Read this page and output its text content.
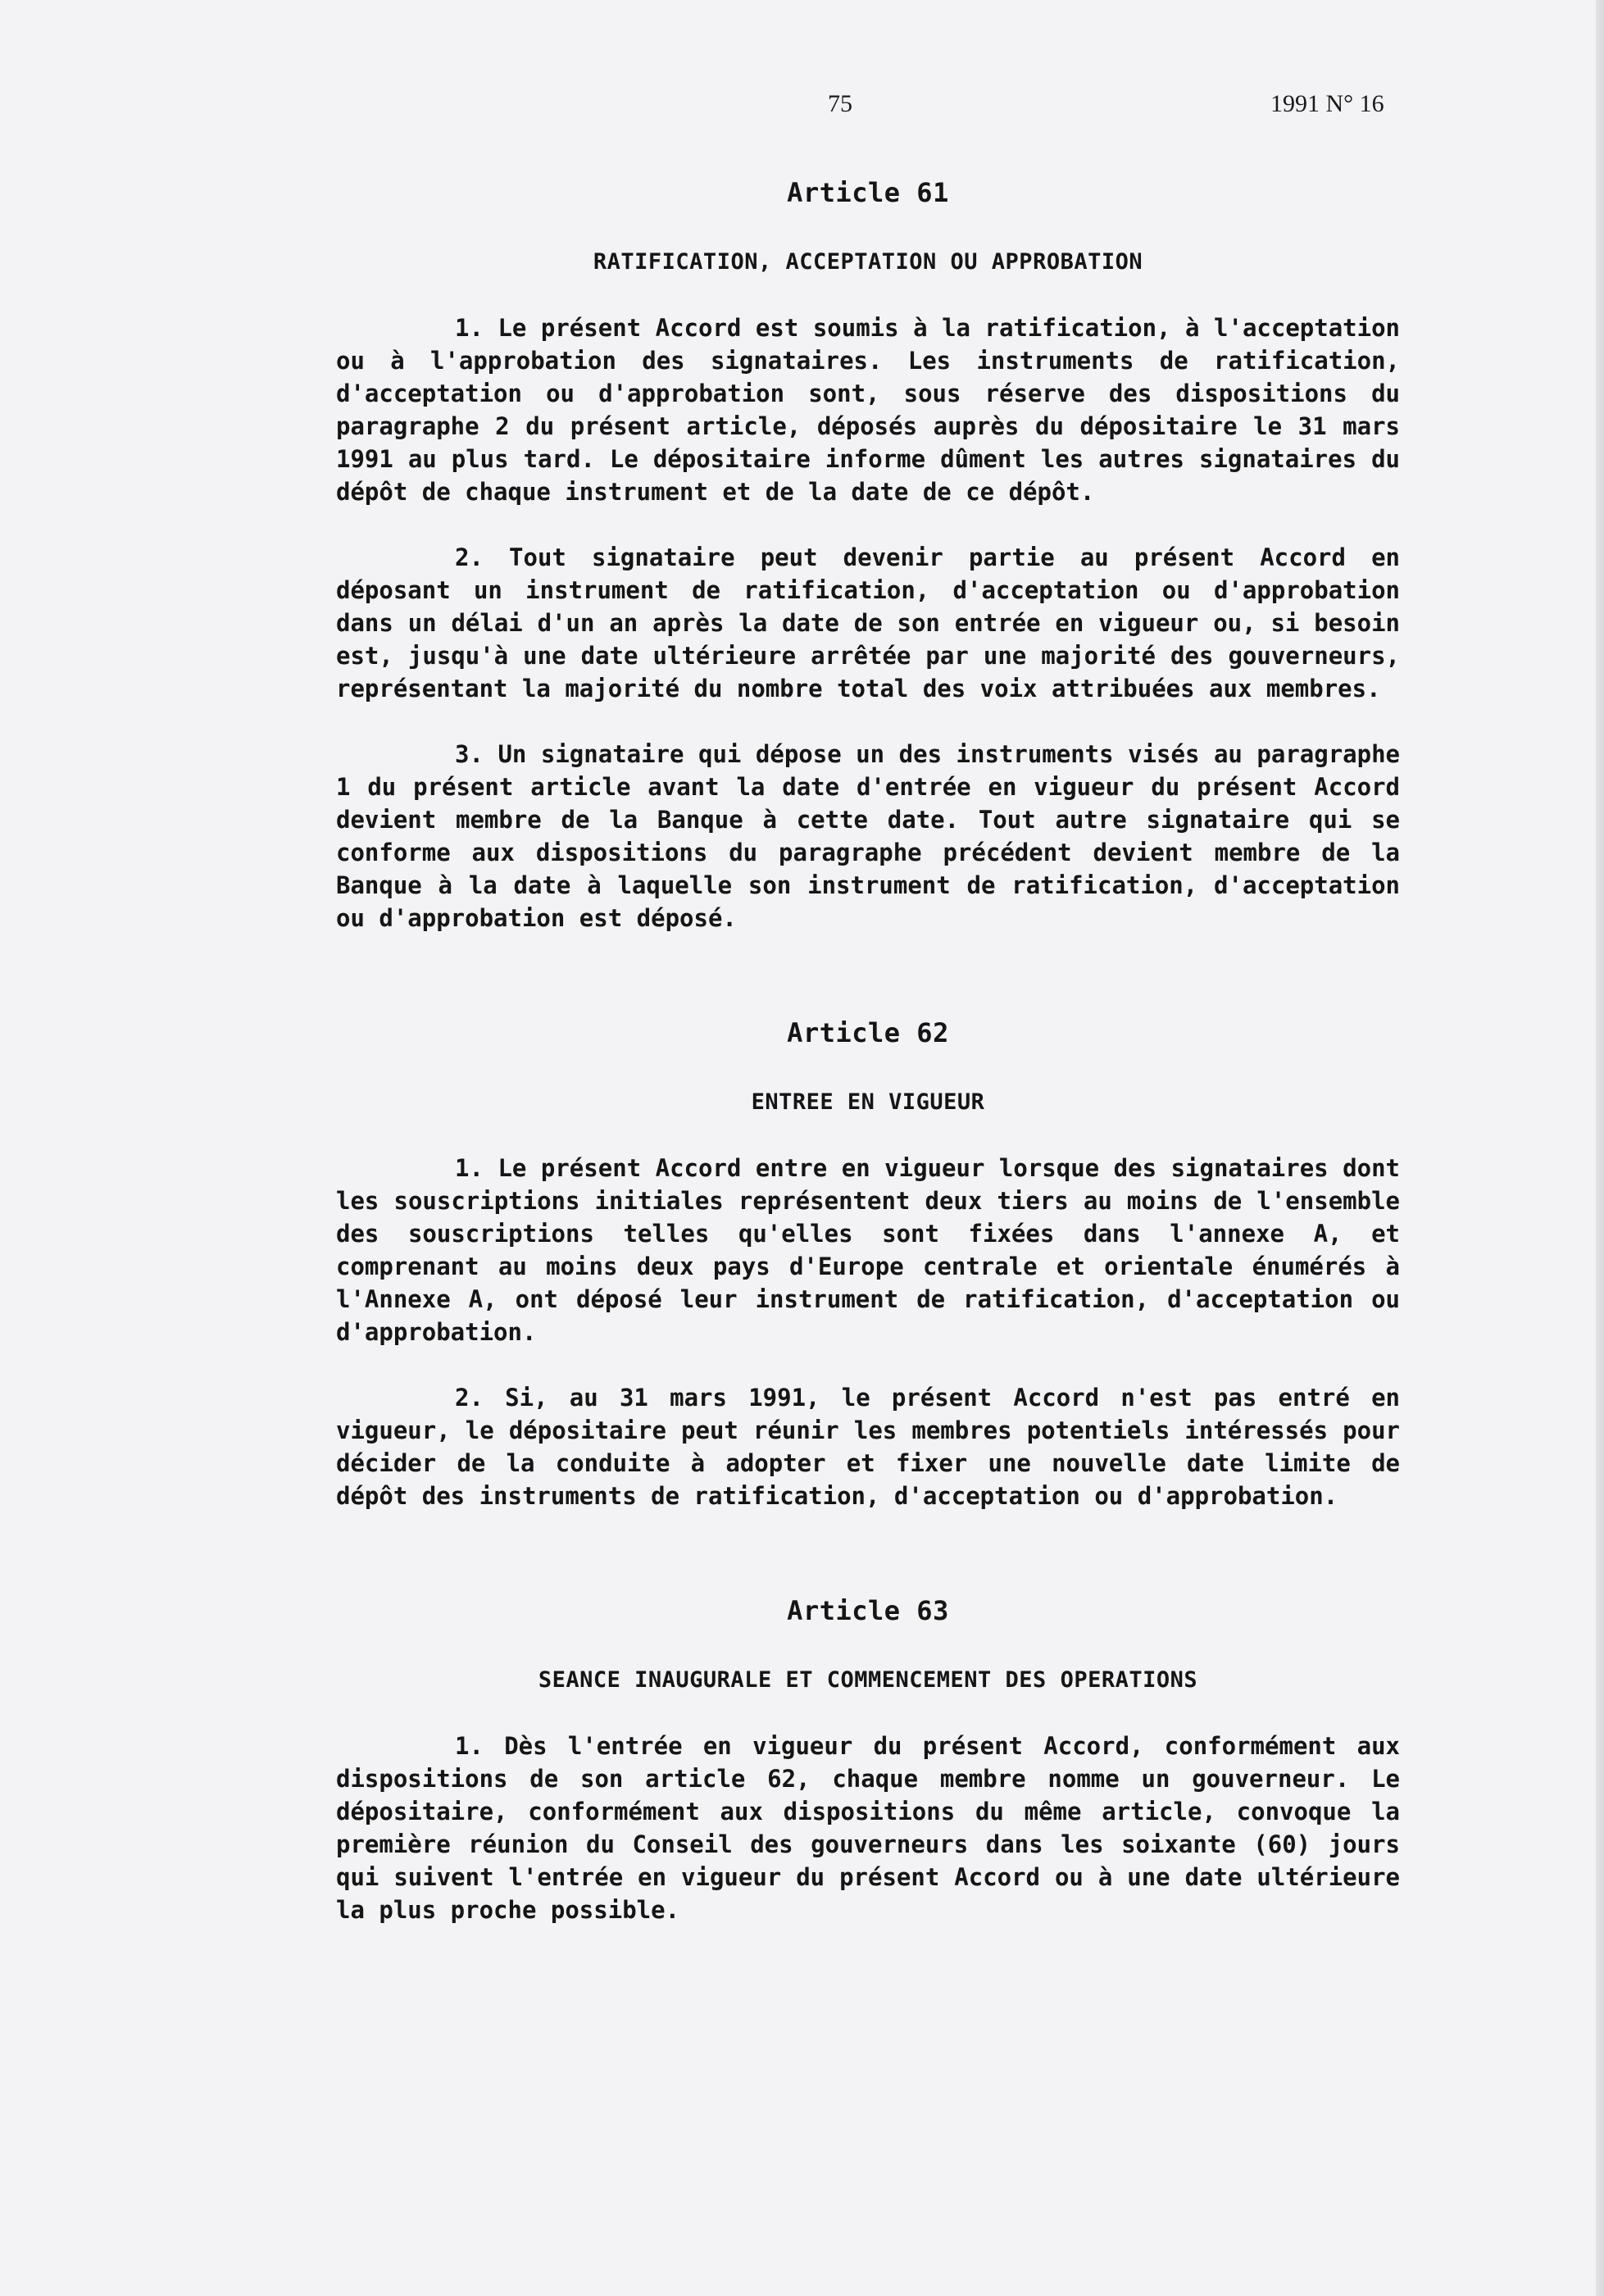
75	1991 N° 16
Article 61
RATIFICATION, ACCEPTATION OU APPROBATION

1. Le présent Accord est soumis à la ratification, à l'acceptation ou à l'approbation des signataires. Les instruments de ratification, d'acceptation ou d'approbation sont, sous réserve des dispositions du paragraphe 2 du présent article, déposés auprès du dépositaire le 31 mars 1991 au plus tard. Le dépositaire informe dûment les autres signataires du dépôt de chaque instrument et de la date de ce dépôt.

2. Tout signataire peut devenir partie au présent Accord en déposant un instrument de ratification, d'acceptation ou d'approbation dans un délai d'un an après la date de son entrée en vigueur ou, si besoin est, jusqu'à une date ultérieure arrêtée par une majorité des gouverneurs, représentant la majorité du nombre total des voix attribuées aux membres.

3. Un signataire qui dépose un des instruments visés au paragraphe 1 du présent article avant la date d'entrée en vigueur du présent Accord devient membre de la Banque à cette date. Tout autre signataire qui se conforme aux dispositions du paragraphe précédent devient membre de la Banque à la date à laquelle son instrument de ratification, d'acceptation ou d'approbation est déposé.

Article 62
ENTREE EN VIGUEUR

1. Le présent Accord entre en vigueur lorsque des signataires dont les souscriptions initiales représentent deux tiers au moins de l'ensemble des souscriptions telles qu'elles sont fixées dans l'annexe A, et comprenant au moins deux pays d'Europe centrale et orientale énumérés à l'Annexe A, ont déposé leur instrument de ratification, d'acceptation ou d'approbation.

2. Si, au 31 mars 1991, le présent Accord n'est pas entré en vigueur, le dépositaire peut réunir les membres potentiels intéressés pour décider de la conduite à adopter et fixer une nouvelle date limite de dépôt des instruments de ratification, d'acceptation ou d'approbation.

Article 63
SEANCE INAUGURALE ET COMMENCEMENT DES OPERATIONS

1. Dès l'entrée en vigueur du présent Accord, conformément aux dispositions de son article 62, chaque membre nomme un gouverneur. Le dépositaire, conformément aux dispositions du même article, convoque la première réunion du Conseil des gouverneurs dans les soixante (60) jours qui suivent l'entrée en vigueur du présent Accord ou à une date ultérieure la plus proche possible.
